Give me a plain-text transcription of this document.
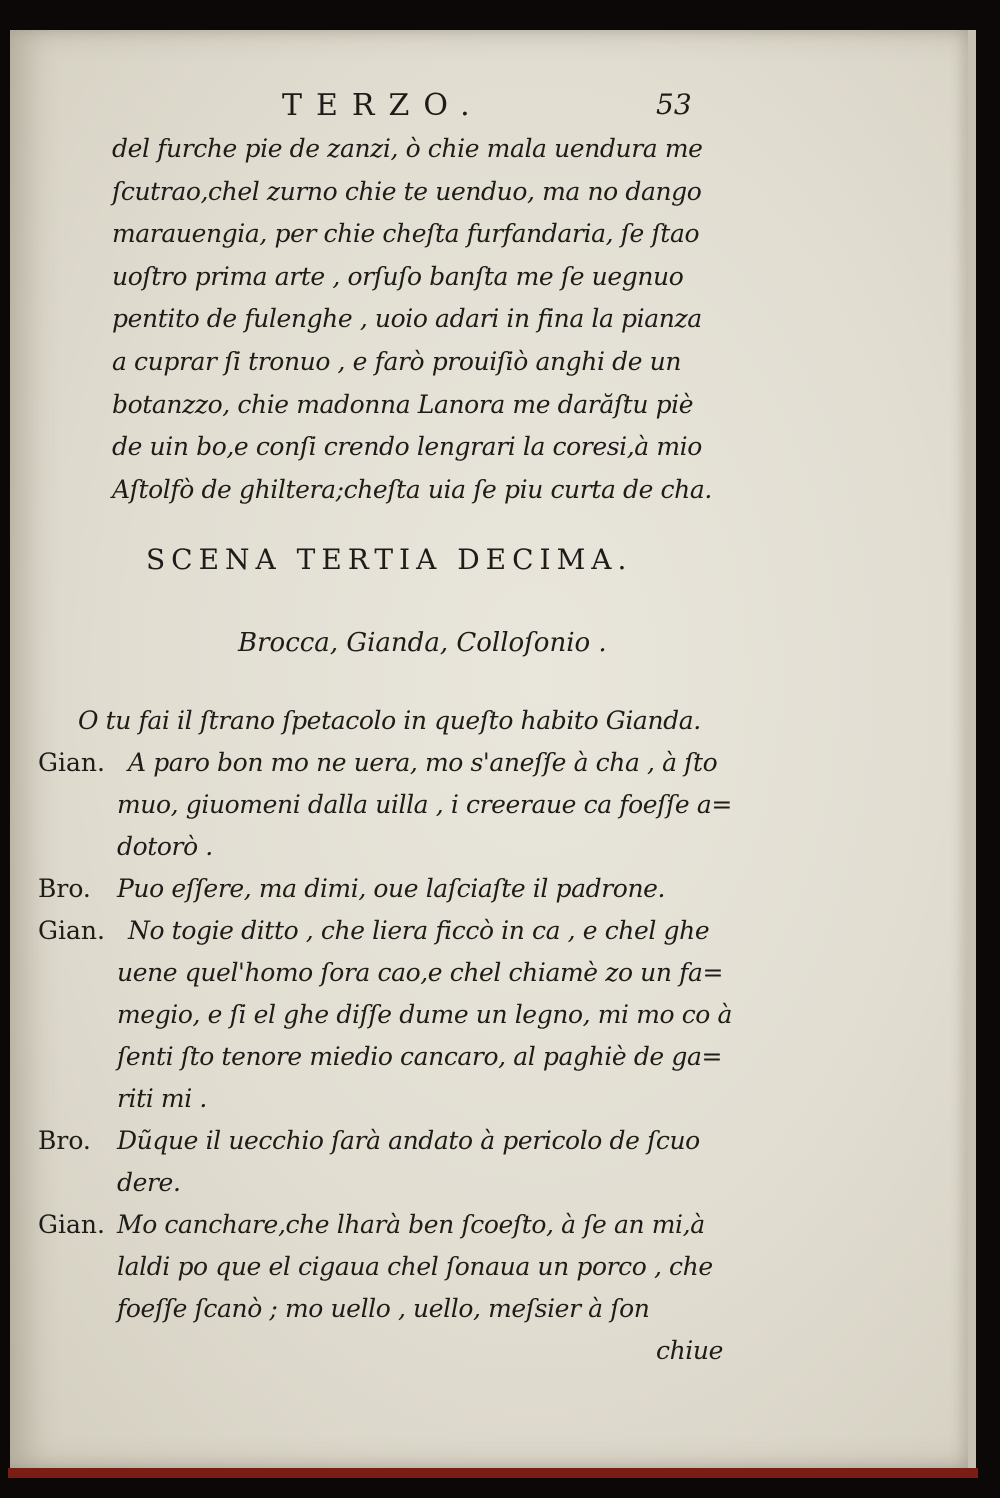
TERZO.	53
del furche pie de zanzi, ò chie mala uendura me
ſcutrao,chel zurno chie te uenduo, ma no dango
marauengia, per chie cheſta furfandaria, ſe ſtao
uoſtro prima arte , orſuſo banſta me ſe uegnuo
pentito de fulenghe , uoio adari in fina la pianza
a cuprar ſi tronuo , e farò prouiſiò anghi de un
botanzzo, chie madonna Lanora me darăſtu piè
de uin bo,e conſi crendo lengrari la coresi,à mio
Aſtolfò de ghiltera;cheſta uia ſe piu curta de cha.
SCENA TERTIA DECIMA.
Brocca, Gianda, Colloſonio .
O tu fai il ſtrano ſpetacolo in queſto habito Gianda.
Gian. A paro bon mo ne uera, mo s'aneſſe à cha , à ſto
muo, giuomeni dalla uilla , i creeraue ca foeſſe a=
dotorò .
Bro. Puo eſſere, ma dimi, oue laſciaſte il padrone.
Gian. No togie ditto , che liera ficcò in ca , e chel ghe
uene quel'homo ſora cao,e chel chiamè zo un fa=
megio, e ſi el ghe diſſe dume un legno, mi mo co à
ſenti ſto tenore miedio cancaro, al paghiè de ga=
riti mi .
Bro. Dũque il uecchio ſarà andato à pericolo de ſcuo
dere.
Gian. Mo canchare,che lharà ben ſcoeſto, à ſe an mi,à
laldi po que el cigaua chel ſonaua un porco , che
foeſſe ſcanò ; mo uello , uello, meſsier à ſon
chiue
